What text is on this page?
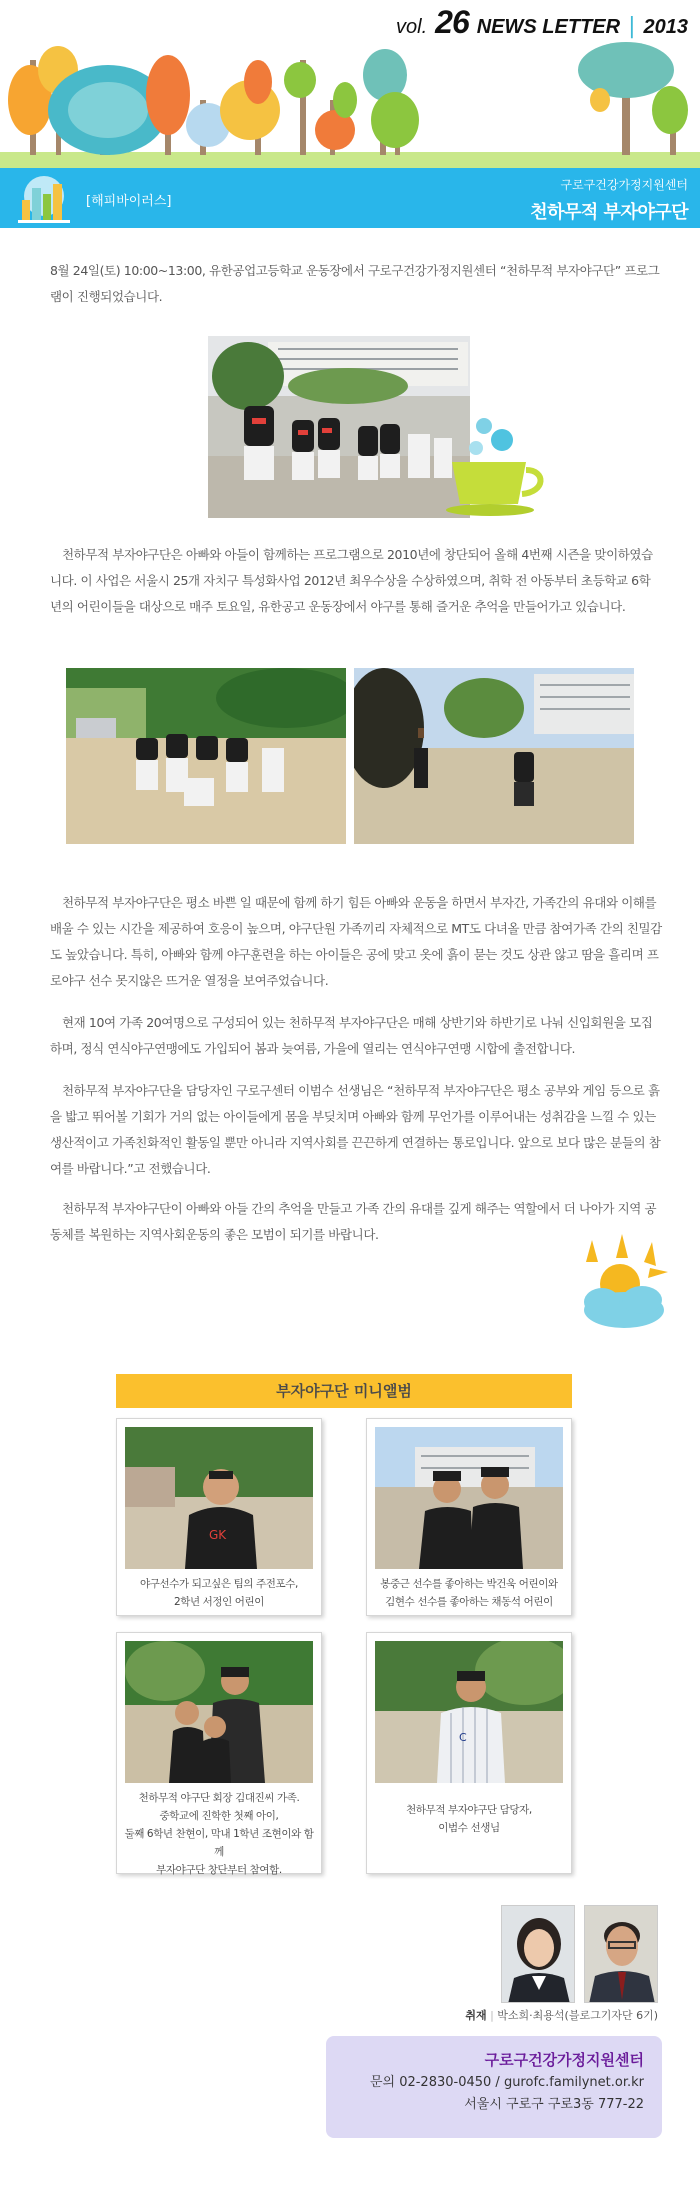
vol. 26 NEWS LETTER | 2013
[해피바이러스]
구로구건강가정지원센터
천하무적 부자야구단

8월 24일(토) 10:00~13:00, 유한공업고등학교 운동장에서 구로구건강가정지원센터 “천하무적 부자야구단” 프로그램이 진행되었습니다.

천하무적 부자야구단은 아빠와 아들이 함께하는 프로그램으로 2010년에 창단되어 올해 4번째 시즌을 맞이하였습니다. 이 사업은 서울시 25개 자치구 특성화사업 2012년 최우수상을 수상하였으며, 취학 전 아동부터 초등학교 6학년의 어린이들을 대상으로 매주 토요일, 유한공고 운동장에서 야구를 통해 즐거운 추억을 만들어가고 있습니다.

천하무적 부자야구단은 평소 바쁜 일 때문에 함께 하기 힘든 아빠와 운동을 하면서 부자간, 가족간의 유대와 이해를 배울 수 있는 시간을 제공하여 호응이 높으며, 야구단원 가족끼리 자체적으로 MT도 다녀올 만큼 참여가족 간의 친밀감도 높았습니다. 특히, 아빠와 함께 야구훈련을 하는 아이들은 공에 맞고 옷에 흙이 묻는 것도 상관 않고 땀을 흘리며 프로야구 선수 못지않은 뜨거운 열정을 보여주었습니다.

현재 10여 가족 20여명으로 구성되어 있는 천하무적 부자야구단은 매해 상반기와 하반기로 나눠 신입회원을 모집하며, 정식 연식야구연맹에도 가입되어 봄과 늦여름, 가을에 열리는 연식야구연맹 시합에 출전합니다.

천하무적 부자야구단을 담당자인 구로구센터 이범수 선생님은 “천하무적 부자야구단은 평소 공부와 게임 등으로 흙을 밟고 뛰어볼 기회가 거의 없는 아이들에게 몸을 부딪치며 아빠와 함께 무언가를 이루어내는 성취감을 느낄 수 있는 생산적이고 가족친화적인 활동일 뿐만 아니라 지역사회를 끈끈하게 연결하는 통로입니다. 앞으로 보다 많은 분들의 참여를 바랍니다.”고 전했습니다.

천하무적 부자야구단이 아빠와 아들 간의 추억을 만들고 가족 간의 유대를 깊게 해주는 역할에서 더 나아가 지역 공동체를 복원하는 지역사회운동의 좋은 모범이 되기를 바랍니다.

부자야구단 미니앨범
GK
야구선수가 되고싶은 팀의 주전포수,
2학년 서정인 어린이
봉중근 선수를 좋아하는 박건욱 어린이와
김현수 선수를 좋아하는 채동석 어린이
천하무적 야구단 회장 김대진씨 가족.
중학교에 진학한 첫째 아이,
둘째 6학년 찬현이, 막내 1학년 조현이와 함께
부자야구단 창단부터 참여함.
C
천하무적 부자야구단 담당자,
이범수 선생님
취재 | 박소희·최용석(블로그기자단 6기)
구로구건강가정지원센터
문의 02-2830-0450 / gurofc.familynet.or.kr
서울시 구로구 구로3동 777-22
